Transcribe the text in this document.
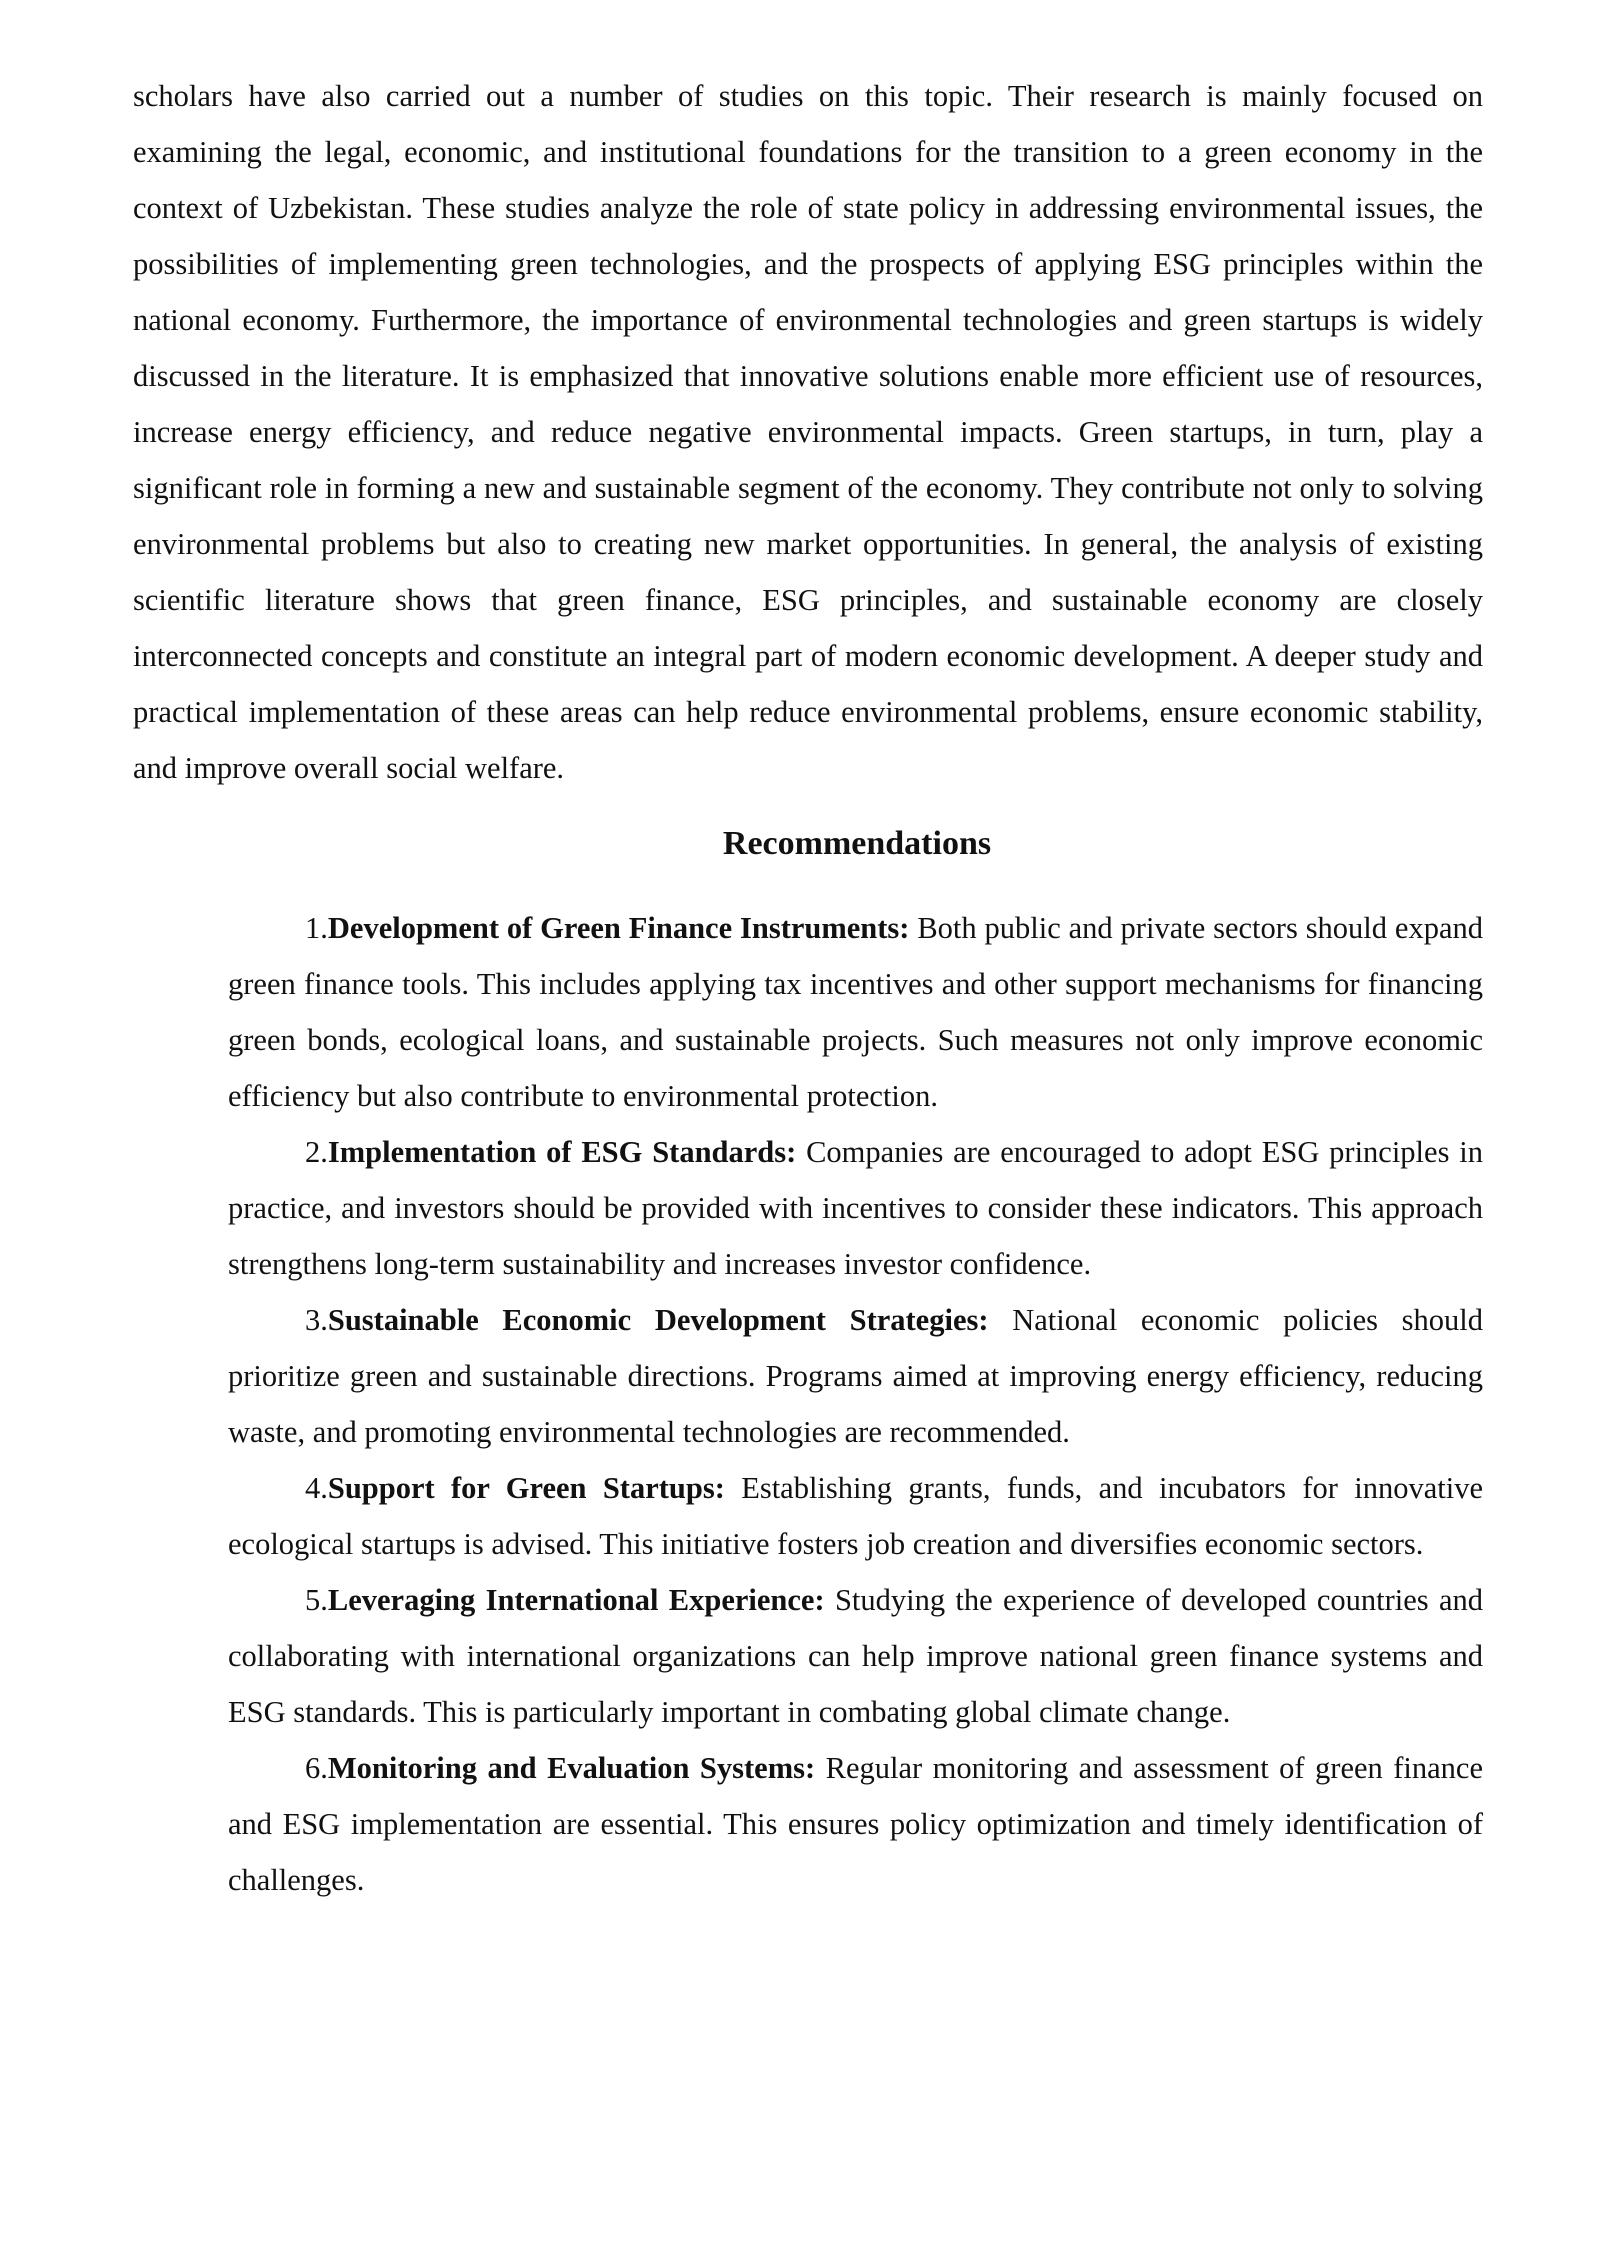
scholars have also carried out a number of studies on this topic. Their research is mainly focused on examining the legal, economic, and institutional foundations for the transition to a green economy in the context of Uzbekistan. These studies analyze the role of state policy in addressing environmental issues, the possibilities of implementing green technologies, and the prospects of applying ESG principles within the national economy. Furthermore, the importance of environmental technologies and green startups is widely discussed in the literature. It is emphasized that innovative solutions enable more efficient use of resources, increase energy efficiency, and reduce negative environmental impacts. Green startups, in turn, play a significant role in forming a new and sustainable segment of the economy. They contribute not only to solving environmental problems but also to creating new market opportunities. In general, the analysis of existing scientific literature shows that green finance, ESG principles, and sustainable economy are closely interconnected concepts and constitute an integral part of modern economic development. A deeper study and practical implementation of these areas can help reduce environmental problems, ensure economic stability, and improve overall social welfare.

Recommendations
1.Development of Green Finance Instruments: Both public and private sectors should expand green finance tools. This includes applying tax incentives and other support mechanisms for financing green bonds, ecological loans, and sustainable projects. Such measures not only improve economic efficiency but also contribute to environmental protection.
2.Implementation of ESG Standards: Companies are encouraged to adopt ESG principles in practice, and investors should be provided with incentives to consider these indicators. This approach strengthens long-term sustainability and increases investor confidence.
3.Sustainable Economic Development Strategies: National economic policies should prioritize green and sustainable directions. Programs aimed at improving energy efficiency, reducing waste, and promoting environmental technologies are recommended.
4.Support for Green Startups: Establishing grants, funds, and incubators for innovative ecological startups is advised. This initiative fosters job creation and diversifies economic sectors.
5.Leveraging International Experience: Studying the experience of developed countries and collaborating with international organizations can help improve national green finance systems and ESG standards. This is particularly important in combating global climate change.
6.Monitoring and Evaluation Systems: Regular monitoring and assessment of green finance and ESG implementation are essential. This ensures policy optimization and timely identification of challenges.
